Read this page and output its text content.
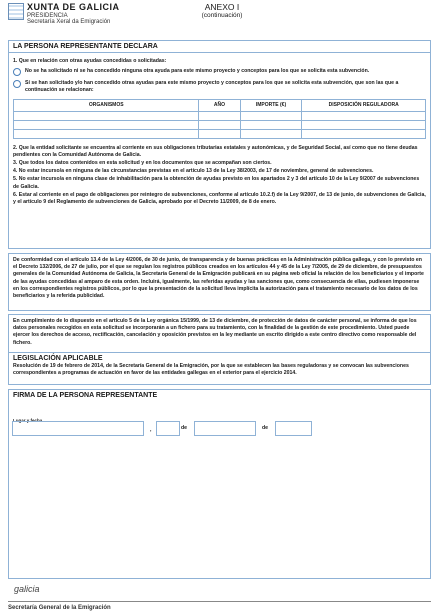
XUNTA DE GALICIA
PRESIDENCIA
Secretaría Xeral da Emigración
ANEXO I
(continuación)
LA PERSONA REPRESENTANTE DECLARA
1. Que en relación con otras ayudas concedidas o solicitadas:
No se ha solicitado ni se ha concedido ninguna otra ayuda para este mismo proyecto y conceptos para los que se solicita esta subvención.
Sí se han solicitado y/o han concedido otras ayudas para este mismo proyecto y conceptos para los que se solicita esta subvención, que son las que a continuación se relacionan:
ORGANISMOS	AÑO	IMPORTE (€)	DISPOSICIÓN REGULADORA

2. Que la entidad solicitante se encuentra al corriente en sus obligaciones tributarias estatales y autonómicas, y de Seguridad Social, así como que no tiene deudas pendientes con la Comunidad Autónoma de Galicia.
3. Que todos los datos contenidos en esta solicitud y en los documentos que se acompañan son ciertos.
4. No estar incurso/a en ninguna de las circunstancias previstas en el artículo 13 de la Ley 38/2003, de 17 de noviembre, general de subvenciones.
5. No estar incurso/a en ninguna clase de inhabilitación para la obtención de ayudas previsto en los apartados 2 y 3 del artículo 10 de la Ley 9/2007 de subvenciones de Galicia.
6. Estar al corriente en el pago de obligaciones por reintegro de subvenciones, conforme al artículo 10.2.f) de la Ley 9/2007, de 13 de junio, de subvenciones de Galicia, y el artículo 9 del Reglamento de subvenciones de Galicia, aprobado por el Decreto 11/2009, de 8 de enero.
De conformidad con el artículo 13.4 de la Ley 4/2006, de 30 de junio, de transparencia y de buenas prácticas en la Administración pública gallega, y con lo previsto en el Decreto 132/2006, de 27 de julio, por el que se regulan los registros públicos creados en los artículos 44 y 45 de la Ley 7/2005, de 29 de diciembre, de presupuestos generales de la Comunidad Autónoma de Galicia, la Secretaría General de la Emigración publicará en su página web oficial la relación de los beneficiarios y el importe de las ayudas concedidas al amparo de esta orden. Incluirá, igualmente, las referidas ayudas y las sanciones que, como consecuencia de ellas, pudiesen imponerse en los correspondientes registros públicos, por lo que la presentación de la solicitud lleva implícita la autorización para el tratamiento necesario de los datos de los beneficiarios y la referida publicidad.
En cumplimiento de lo dispuesto en el artículo 5 de la Ley orgánica 15/1999, de 13 de diciembre, de protección de datos de carácter personal, se informa de que los datos personales recogidos en esta solicitud se incorporarán a un fichero para su tratamiento, con la finalidad de la gestión de este procedimiento. Usted puede ejercer los derechos de acceso, rectificación, cancelación y oposición previstos en la ley mediante un escrito dirigido a este centro directivo como responsable del fichero.
LEGISLACIÓN APLICABLE
Resolución de 19 de febrero de 2014, de la Secretaría General de la Emigración, por la que se establecen las bases reguladoras y se convocan las subvenciones correspondientes a programas de actuación en favor de las entidades gallegas en el exterior para el ejercicio 2014.
FIRMA DE LA PERSONA REPRESENTANTE
Lugar y fecha
,	de	de
galicia
Secretaría General de la Emigración
